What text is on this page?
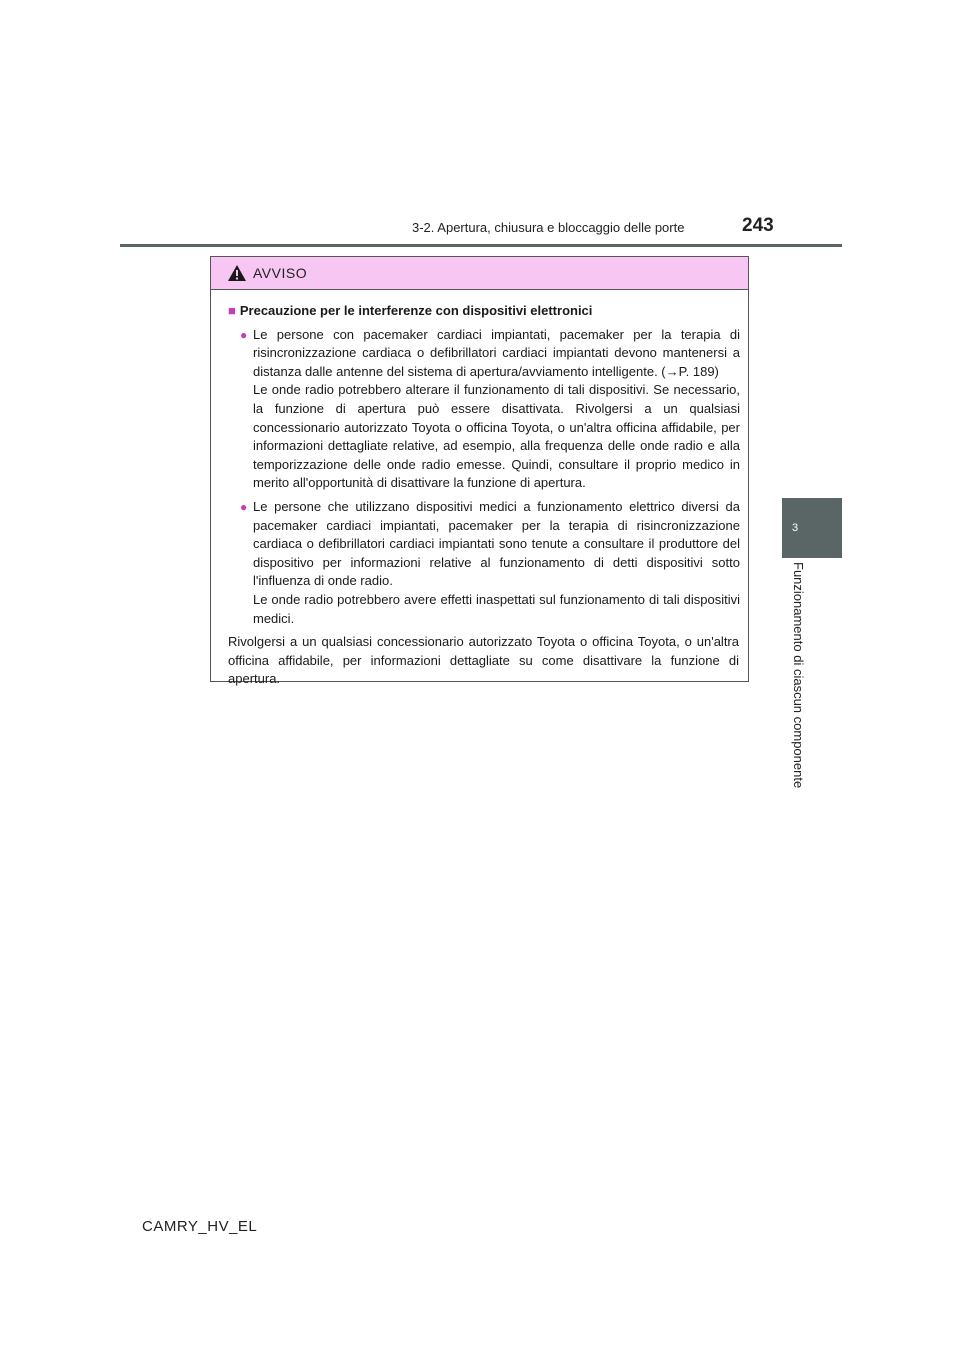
3-2. Apertura, chiusura e bloccaggio delle porte	243
3
Funzionamento di ciascun componente
AVVISO
■ Precauzione per le interferenze con dispositivi elettronici
● Le persone con pacemaker cardiaci impiantati, pacemaker per la terapia di risincronizzazione cardiaca o defibrillatori cardiaci impiantati devono mantenersi a distanza dalle antenne del sistema di apertura/avviamento intelligente. (→P. 189)

Le onde radio potrebbero alterare il funzionamento di tali dispositivi. Se necessario, la funzione di apertura può essere disattivata. Rivolgersi a un qualsiasi concessionario autorizzato Toyota o officina Toyota, o un'altra officina affidabile, per informazioni dettagliate relative, ad esempio, alla frequenza delle onde radio e alla temporizzazione delle onde radio emesse. Quindi, consultare il proprio medico in merito all'opportunità di disattivare la funzione di apertura.

● Le persone che utilizzano dispositivi medici a funzionamento elettrico diversi da pacemaker cardiaci impiantati, pacemaker per la terapia di risincronizzazione cardiaca o defibrillatori cardiaci impiantati sono tenute a consultare il produttore del dispositivo per informazioni relative al funzionamento di detti dispositivi sotto l'influenza di onde radio.

Le onde radio potrebbero avere effetti inaspettati sul funzionamento di tali dispositivi medici.

Rivolgersi a un qualsiasi concessionario autorizzato Toyota o officina Toyota, o un'altra officina affidabile, per informazioni dettagliate su come disattivare la funzione di apertura.
CAMRY_HV_EL
